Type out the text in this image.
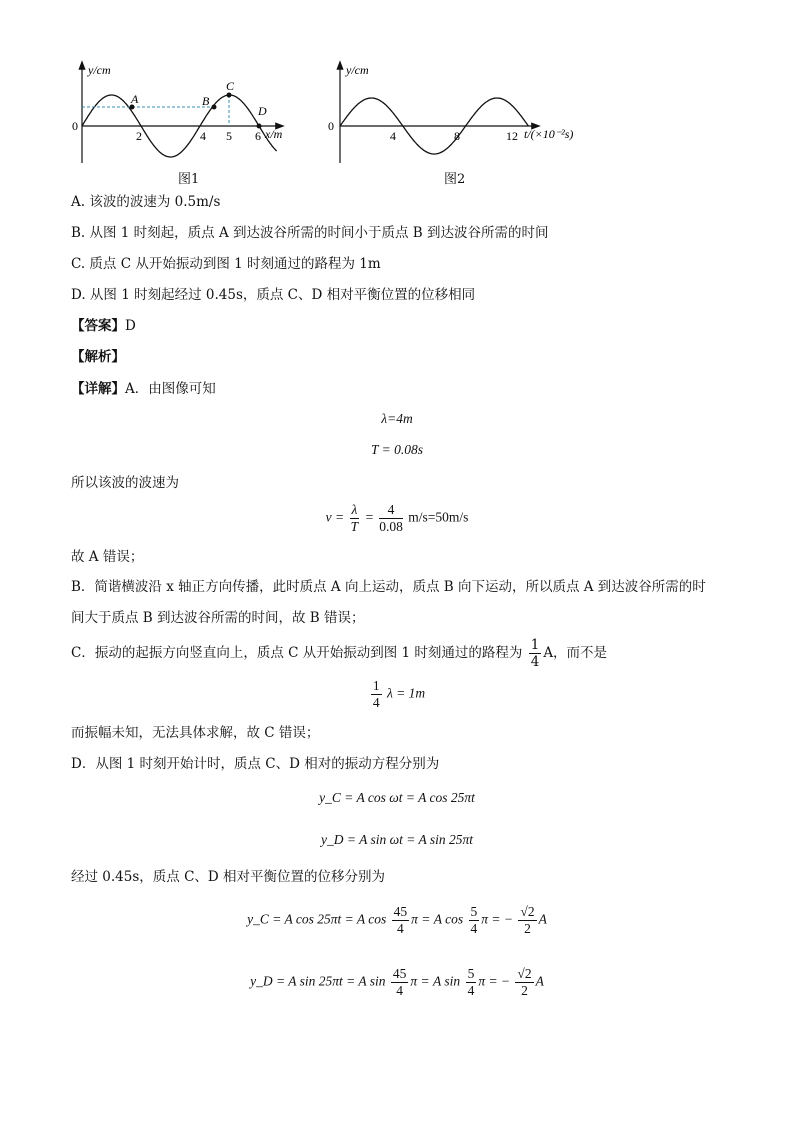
y/cm
0
2	4 5 6 x/m
A	B
C
D
图1
y/cm
0
4	8	12 t/(×10⁻²s)
图2
A. 该波的波速为 0.5m/s
B. 从图 1 时刻起，质点 A 到达波谷所需的时间小于质点 B 到达波谷所需的时间
C. 质点 C 从开始振动到图 1 时刻通过的路程为 1m
D. 从图 1 时刻起经过 0.45s，质点 C、D 相对平衡位置的位移相同
【答案】D
【解析】
【详解】A．由图像可知
λ=4m
T = 0.08s
所以该波的波速为
$v = \frac{\lambda}{T} = \frac{4}{0.08} m/s=50m/s$
故 A 错误；
B．简谐横波沿 x 轴正方向传播，此时质点 A 向上运动，质点 B 向下运动，所以质点 A 到达波谷所需的时
间大于质点 B 到达波谷所需的时间，故 B 错误；
C．振动的起振方向竖直向上，质点 C 从开始振动到图 1 时刻通过的路程为 $\frac{1}{4}$ A，而不是
$\frac{1}{4}$ λ = 1m
而振幅未知，无法具体求解，故 C 错误；
D．从图 1 时刻开始计时，质点 C、D 相对的振动方程分别为
y_C = A cos ωt = A cos 25πt
y_D = A sin ωt = A sin 25πt
经过 0.45s，质点 C、D 相对平衡位置的位移分别为
y_C = A cos 25πt = A $\cos \frac{45}{4}$ π = A $\cos \frac{5}{4}$ π = − $\frac{√2}{2}$ A
y_D = A sin 25πt = A $\sin \frac{45}{4}$ π = A $\sin \frac{5}{4}$ π = − $\frac{√2}{2}$ A
